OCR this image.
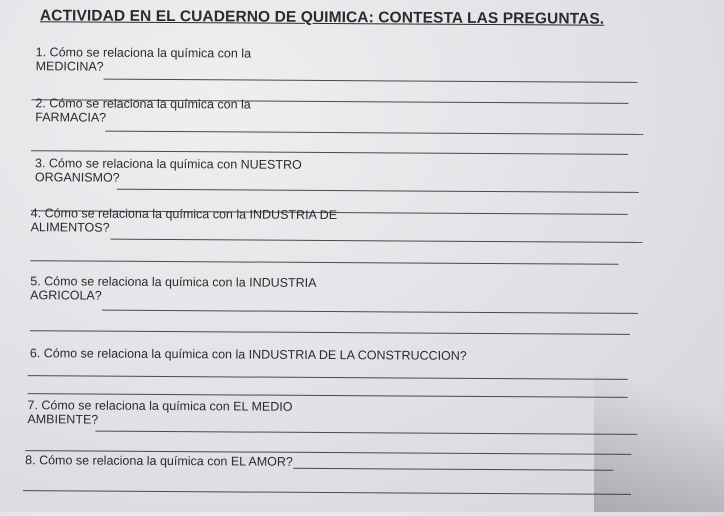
ACTIVIDAD EN EL CUADERNO DE QUIMICA: CONTESTA LAS PREGUNTAS.
1. Cómo se relaciona la química con la
MEDICINA?
2. Cómo se relaciona la química con la
FARMACIA?
3. Cómo se relaciona la química con NUESTRO
ORGANISMO?
4. Cómo se relaciona la química con la INDUSTRIA DE
ALIMENTOS?
5. Cómo se relaciona la química con la INDUSTRIA
AGRICOLA?
6. Cómo se relaciona la química con la INDUSTRIA DE LA CONSTRUCCION?
7. Cómo se relaciona la química con EL MEDIO
AMBIENTE?
8. Cómo se relaciona la química con EL AMOR?
